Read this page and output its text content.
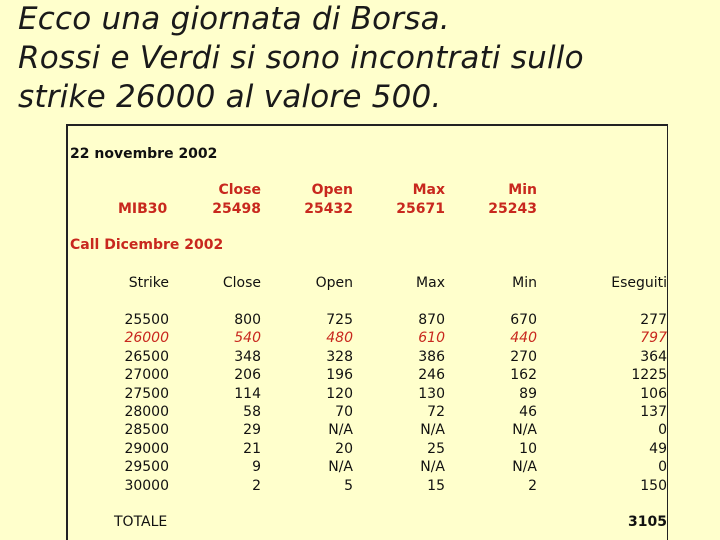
Ecco una giornata di Borsa.
Rossi e Verdi si sono incontrati sullo
strike 26000 al valore 500.
22 novembre 2002
Close	Open	Max	Min
MIB30	25498	25432	25671	25243
Call Dicembre 2002
Strike	Close	Open	Max	Min	Eseguiti
25500	800	725	870	670	277
26000	540	480	610	440	797
26500	348	328	386	270	364
27000	206	196	246	162	1225
27500	114	120	130	89	106
28000	58	70	72	46	137
28500	29	N/A	N/A	N/A	0
29000	21	20	25	10	49
29500	9	N/A	N/A	N/A	0
30000	2	5	15	2	150
TOTALE	3105
